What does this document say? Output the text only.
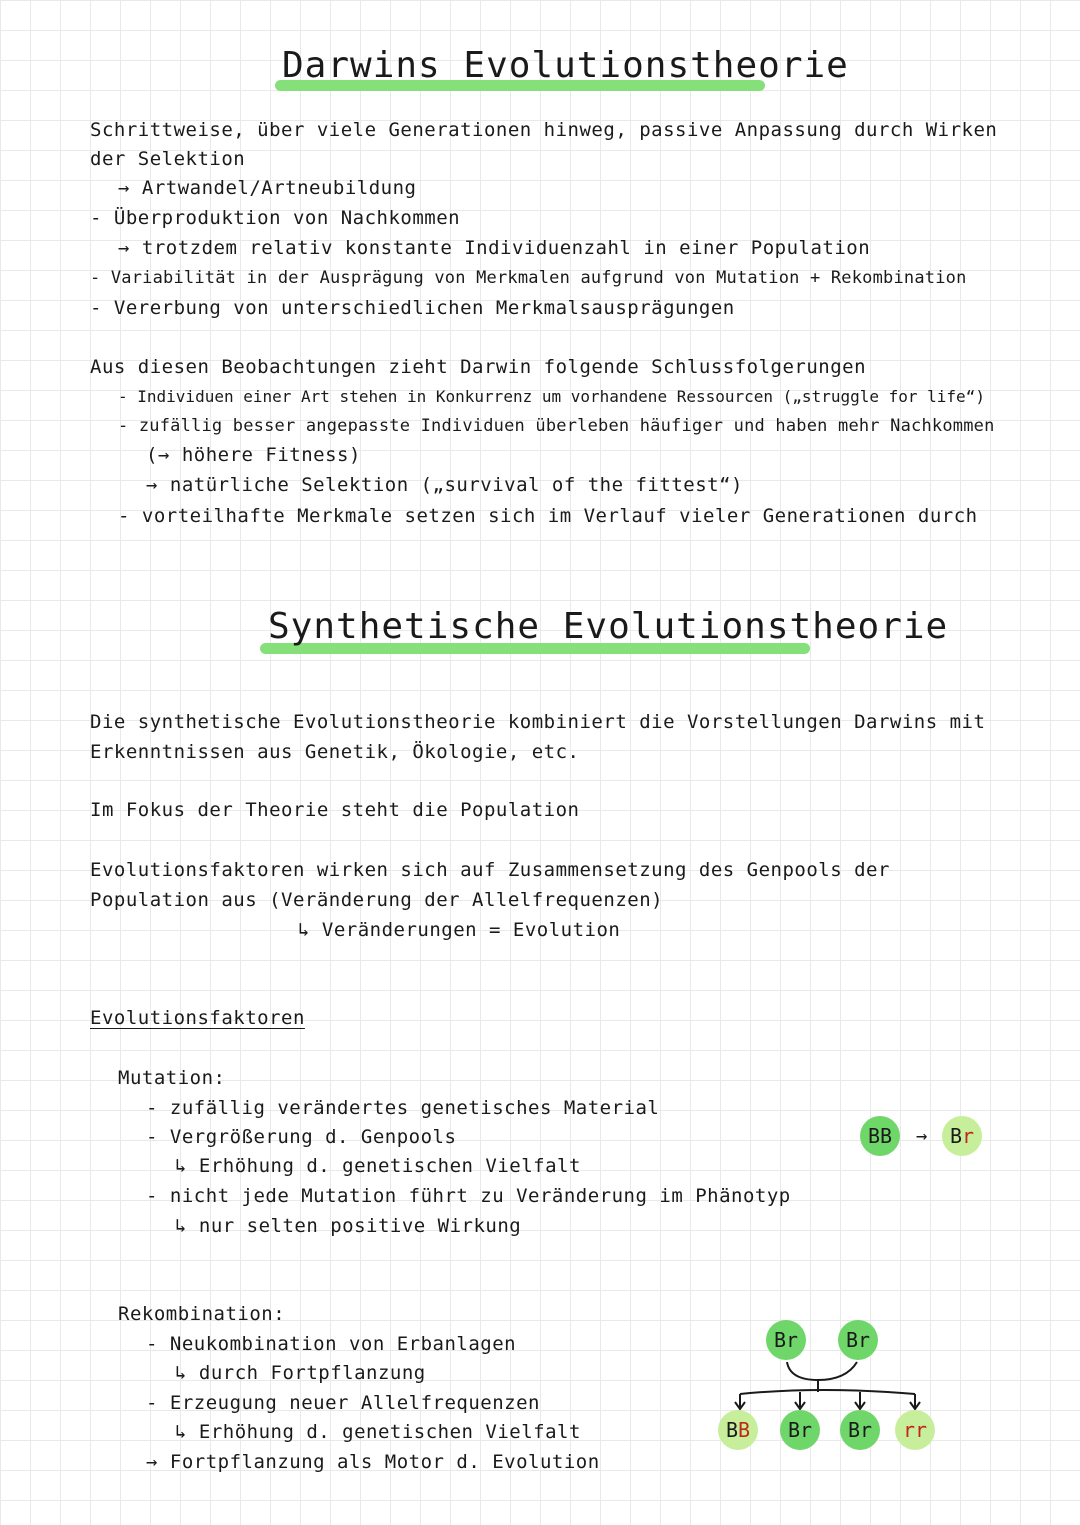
Darwins Evolutionstheorie
Schrittweise, über viele Generationen hinweg, passive Anpassung durch Wirken
der Selektion
→ Artwandel/Artneubildung
- Überproduktion von Nachkommen
→ trotzdem relativ konstante Individuenzahl in einer Population
- Variabilität in der Ausprägung von Merkmalen aufgrund von Mutation + Rekombination
- Vererbung von unterschiedlichen Merkmalsausprägungen
Aus diesen Beobachtungen zieht Darwin folgende Schlussfolgerungen
- Individuen einer Art stehen in Konkurrenz um vorhandene Ressourcen („struggle for life“)
- zufällig besser angepasste Individuen überleben häufiger und haben mehr Nachkommen
(→ höhere Fitness)
→ natürliche Selektion („survival of the fittest“)
- vorteilhafte Merkmale setzen sich im Verlauf vieler Generationen durch
Synthetische Evolutionstheorie
Die synthetische Evolutionstheorie kombiniert die Vorstellungen Darwins mit
Erkenntnissen aus Genetik, Ökologie, etc.
Im Fokus der Theorie steht die Population
Evolutionsfaktoren wirken sich auf Zusammensetzung des Genpools der
Population aus (Veränderung der Allelfrequenzen)
↳ Veränderungen = Evolution
Evolutionsfaktoren
Mutation:
- zufällig verändertes genetisches Material
- Vergrößerung d. Genpools
↳ Erhöhung d. genetischen Vielfalt
- nicht jede Mutation führt zu Veränderung im Phänotyp
↳ nur selten positive Wirkung
B B → B r
Rekombination:
- Neukombination von Erbanlagen
↳ durch Fortpflanzung
- Erzeugung neuer Allelfrequenzen
↳ Erhöhung d. genetischen Vielfalt
→ Fortpflanzung als Motor d. Evolution
Br Br
B B Br Br rr
